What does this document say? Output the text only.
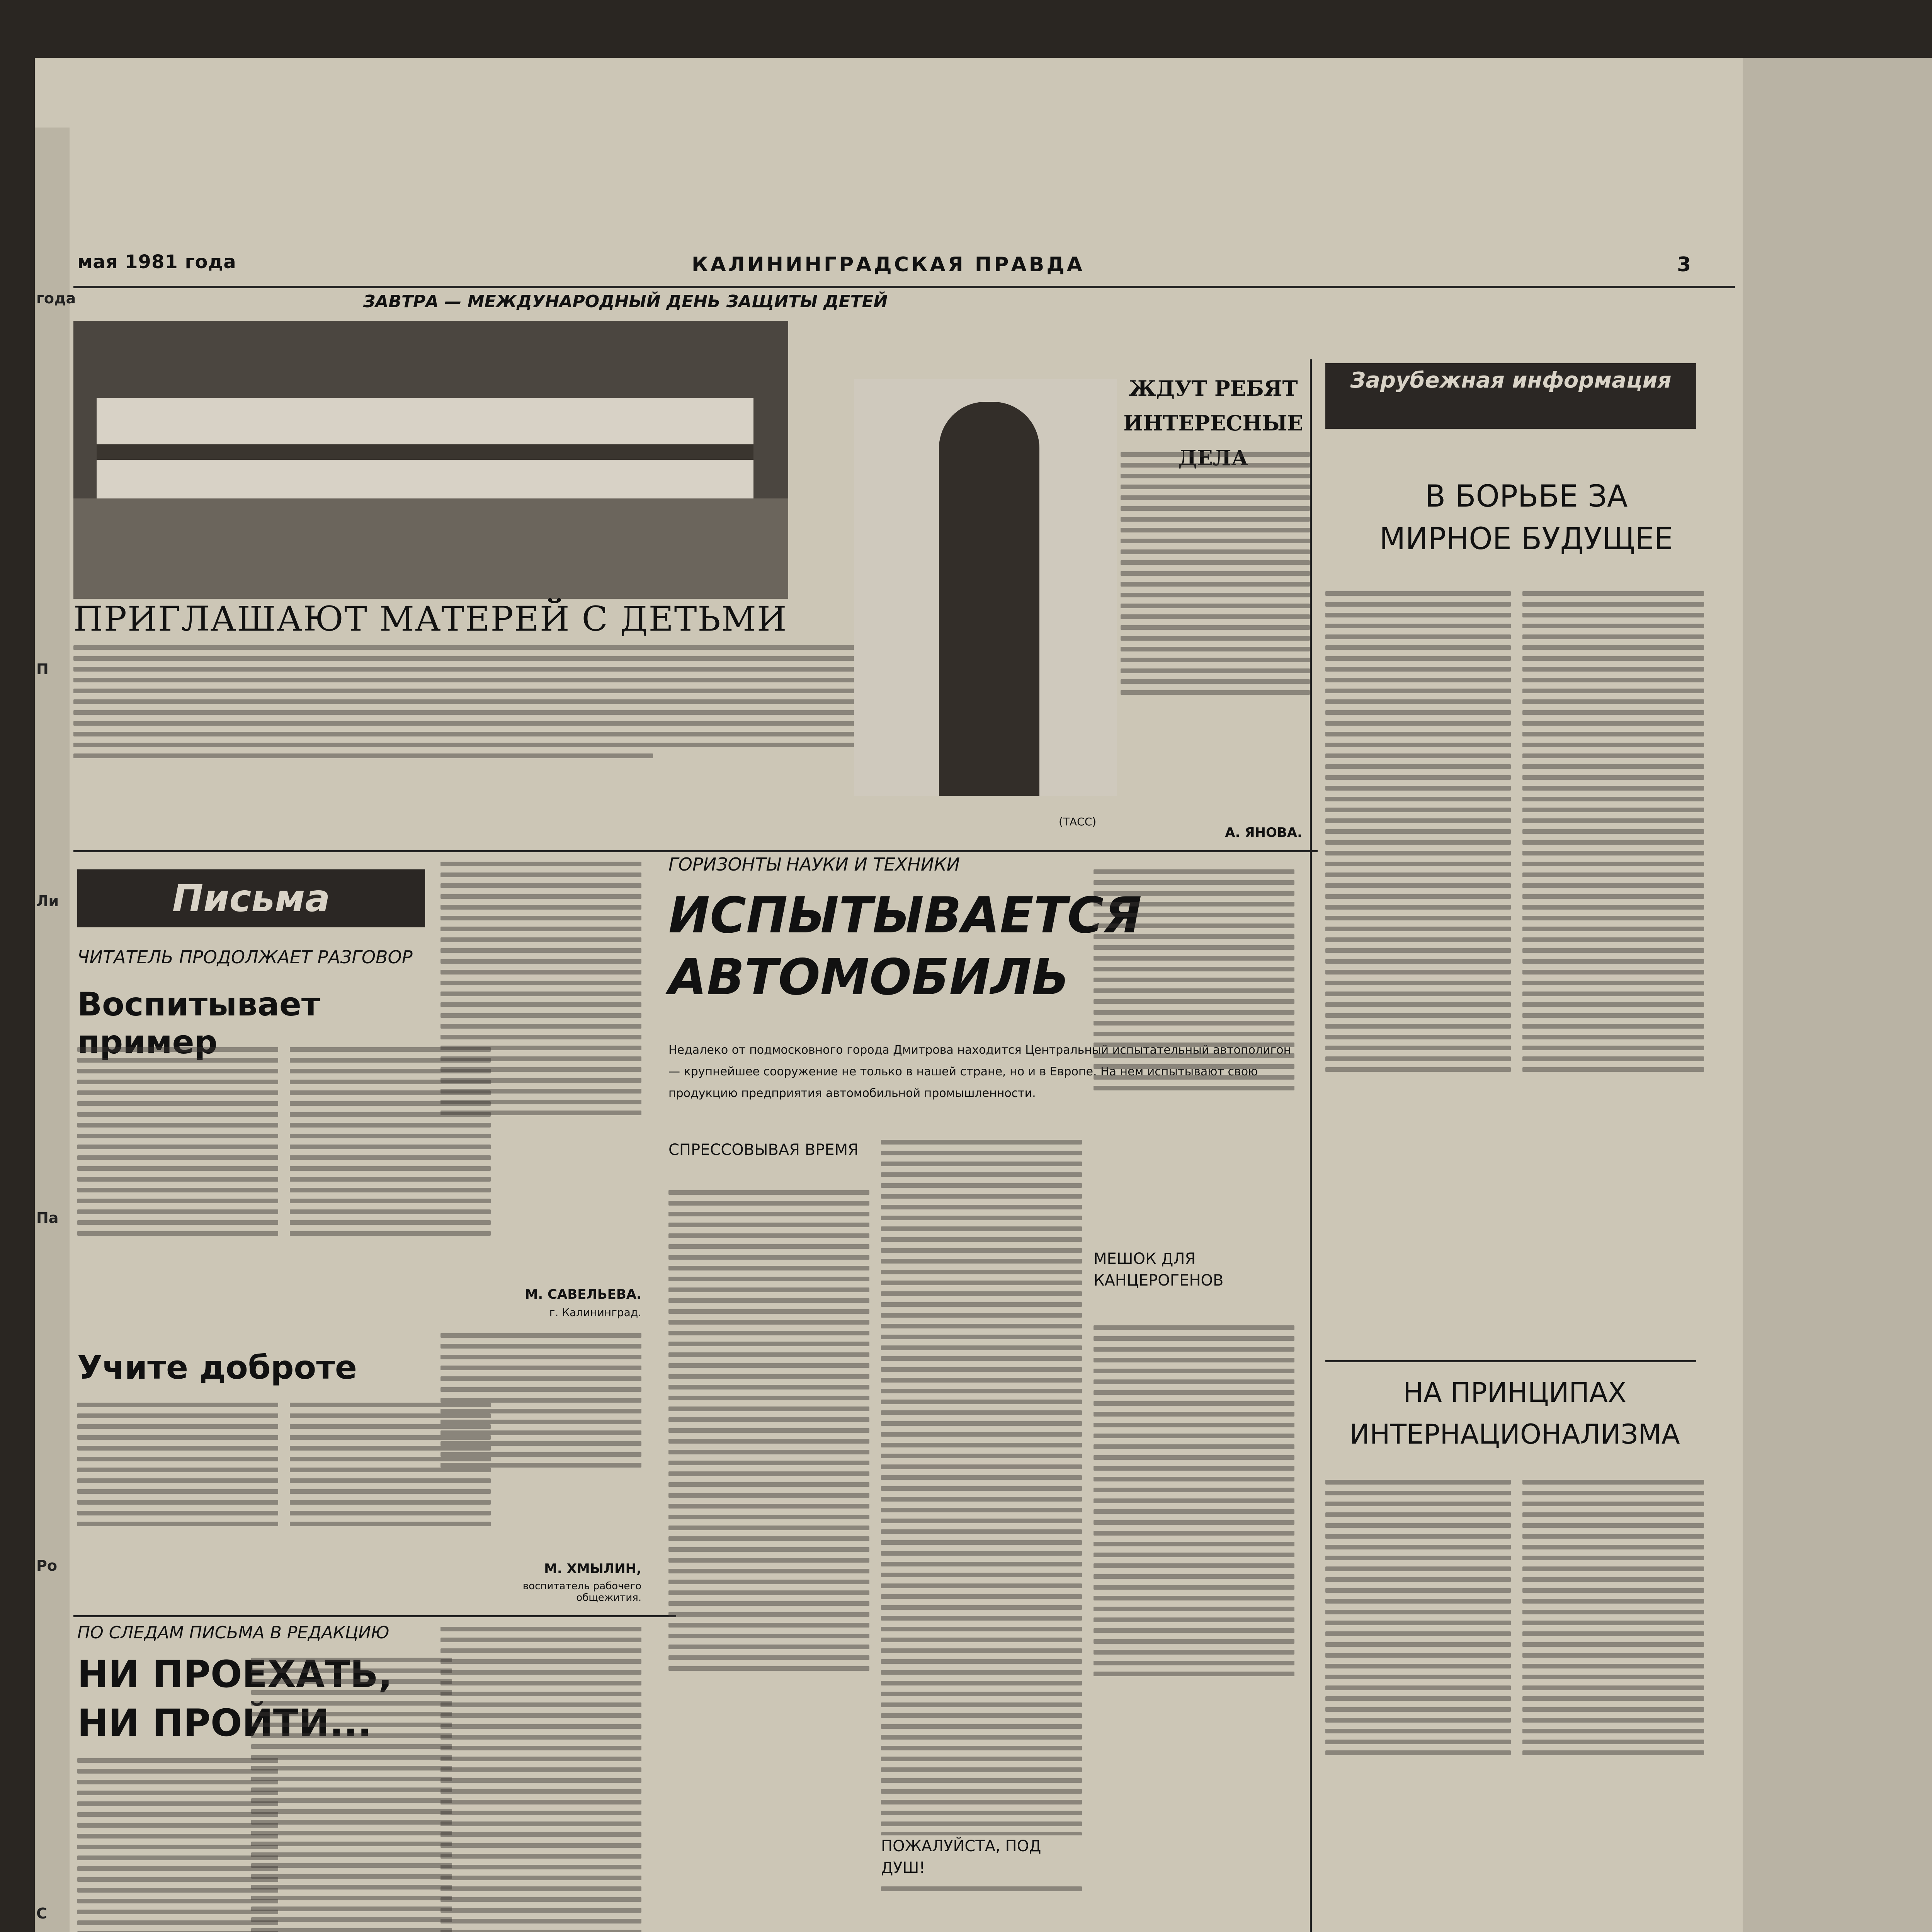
года
П
Ли
Па
Ро
С
мая 1981 года	КАЛИНИНГРАДСКАЯ ПРАВДА	3
ЗАВТРА — МЕЖДУНАРОДНЫЙ ДЕНЬ ЗАЩИТЫ ДЕТЕЙ
ПРИГЛАШАЮТ МАТЕРЕЙ С ДЕТЬМИ
(ТАСС)
ЖДУТ РЕБЯТ ИНТЕРЕСНЫЕ ДЕЛА
А. ЯНОВА.
Письма
ЧИТАТЕЛЬ ПРОДОЛЖАЕТ РАЗГОВОР
Воспитывает пример
М. САВЕЛЬЕВА.
г. Калининград.
Учите доброте
М. ХМЫЛИН,
воспитатель рабочего общежития.
ПО СЛЕДАМ ПИСЬМА В РЕДАКЦИЮ
НИ ПРОЕХАТЬ, НИ ПРОЙТИ...
ГОРИЗОНТЫ НАУКИ И ТЕХНИКИ
ИСПЫТЫВАЕТСЯ АВТОМОБИЛЬ
Недалеко от подмосковного города Дмитрова находится Центральный испытательный автополигон — крупнейшее сооружение не только в нашей стране, но и в Европе. На нем испытывают свою продукцию предприятия автомобильной промышленности.
СПРЕССОВЫВАЯ ВРЕМЯ
МЕШОК ДЛЯ КАНЦЕРОГЕНОВ
ПОЖАЛУЙСТА, ПОД ДУШ!
Зарубежная информация
В БОРЬБЕ ЗА МИРНОЕ БУДУЩЕЕ
НА ПРИНЦИПАХ ИНТЕРНАЦИОНАЛИЗМА
